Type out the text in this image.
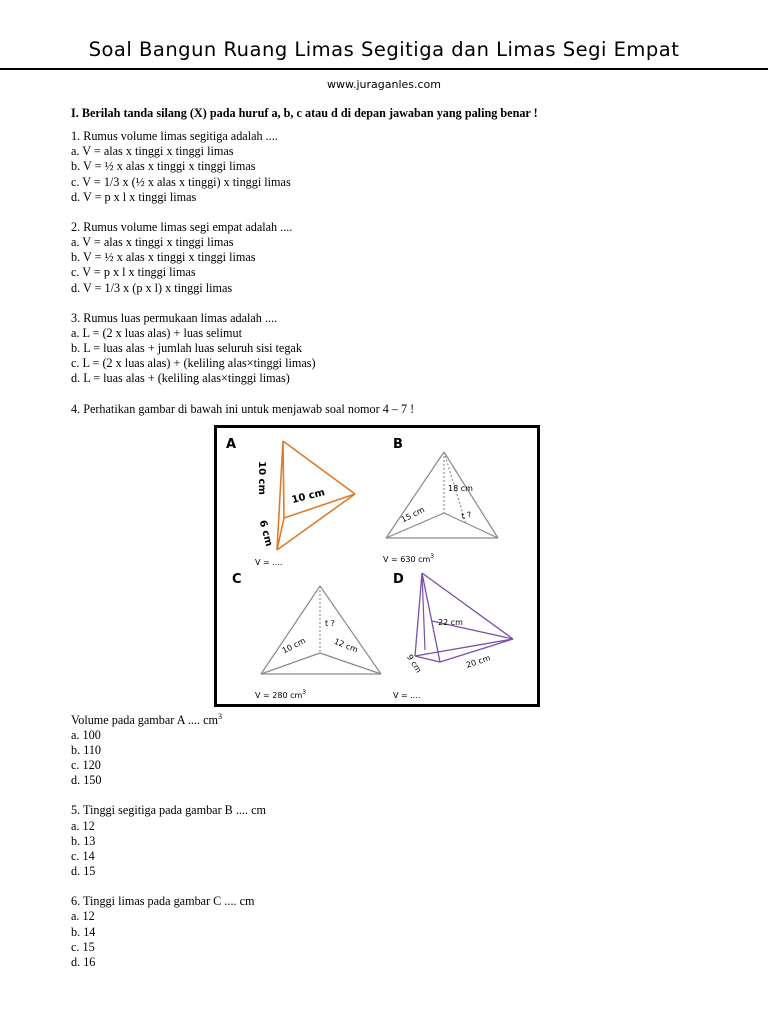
Soal Bangun Ruang Limas Segitiga dan Limas Segi Empat
www.juraganles.com

I. Berilah tanda silang (X) pada huruf a, b, c atau d di depan jawaban yang paling benar !

1. Rumus volume limas segitiga adalah ....

a. V = alas x tinggi x tinggi limas

b. V = ½ x alas x tinggi x tinggi limas

c. V = 1/3 x (½ x alas x tinggi) x tinggi limas

d. V = p x l x tinggi limas

2. Rumus volume limas segi empat adalah ....

a. V = alas x tinggi x tinggi limas

b. V = ½ x alas x tinggi x tinggi limas

c. V = p x l x tinggi limas

d. V = 1/3 x (p x l) x tinggi limas

3. Rumus luas permukaan limas adalah ....

a. L = (2 x luas alas) + luas selimut

b. L = luas alas + jumlah luas seluruh sisi tegak

c. L = (2 x luas alas) + (keliling alas×tinggi limas)

d. L = luas alas + (keliling alas×tinggi limas)

4. Perhatikan gambar di bawah ini untuk menjawab soal nomor 4 – 7 !

A
10 cm
10 cm
6 cm
V = ....
B
18 cm
15 cm	t ?
V = 630 $cm^3$
C
t ?
10 cm	12 cm
V = 280 $cm^3$
D
22 cm
9 cm	20 cm
V = ....

Volume pada gambar A .... $cm^3$

a. 100

b. 110

c. 120

d. 150

5. Tinggi segitiga pada gambar B .... cm

a. 12

b. 13

c. 14

d. 15

6. Tinggi limas pada gambar C .... cm

a. 12

b. 14

c. 15

d. 16
